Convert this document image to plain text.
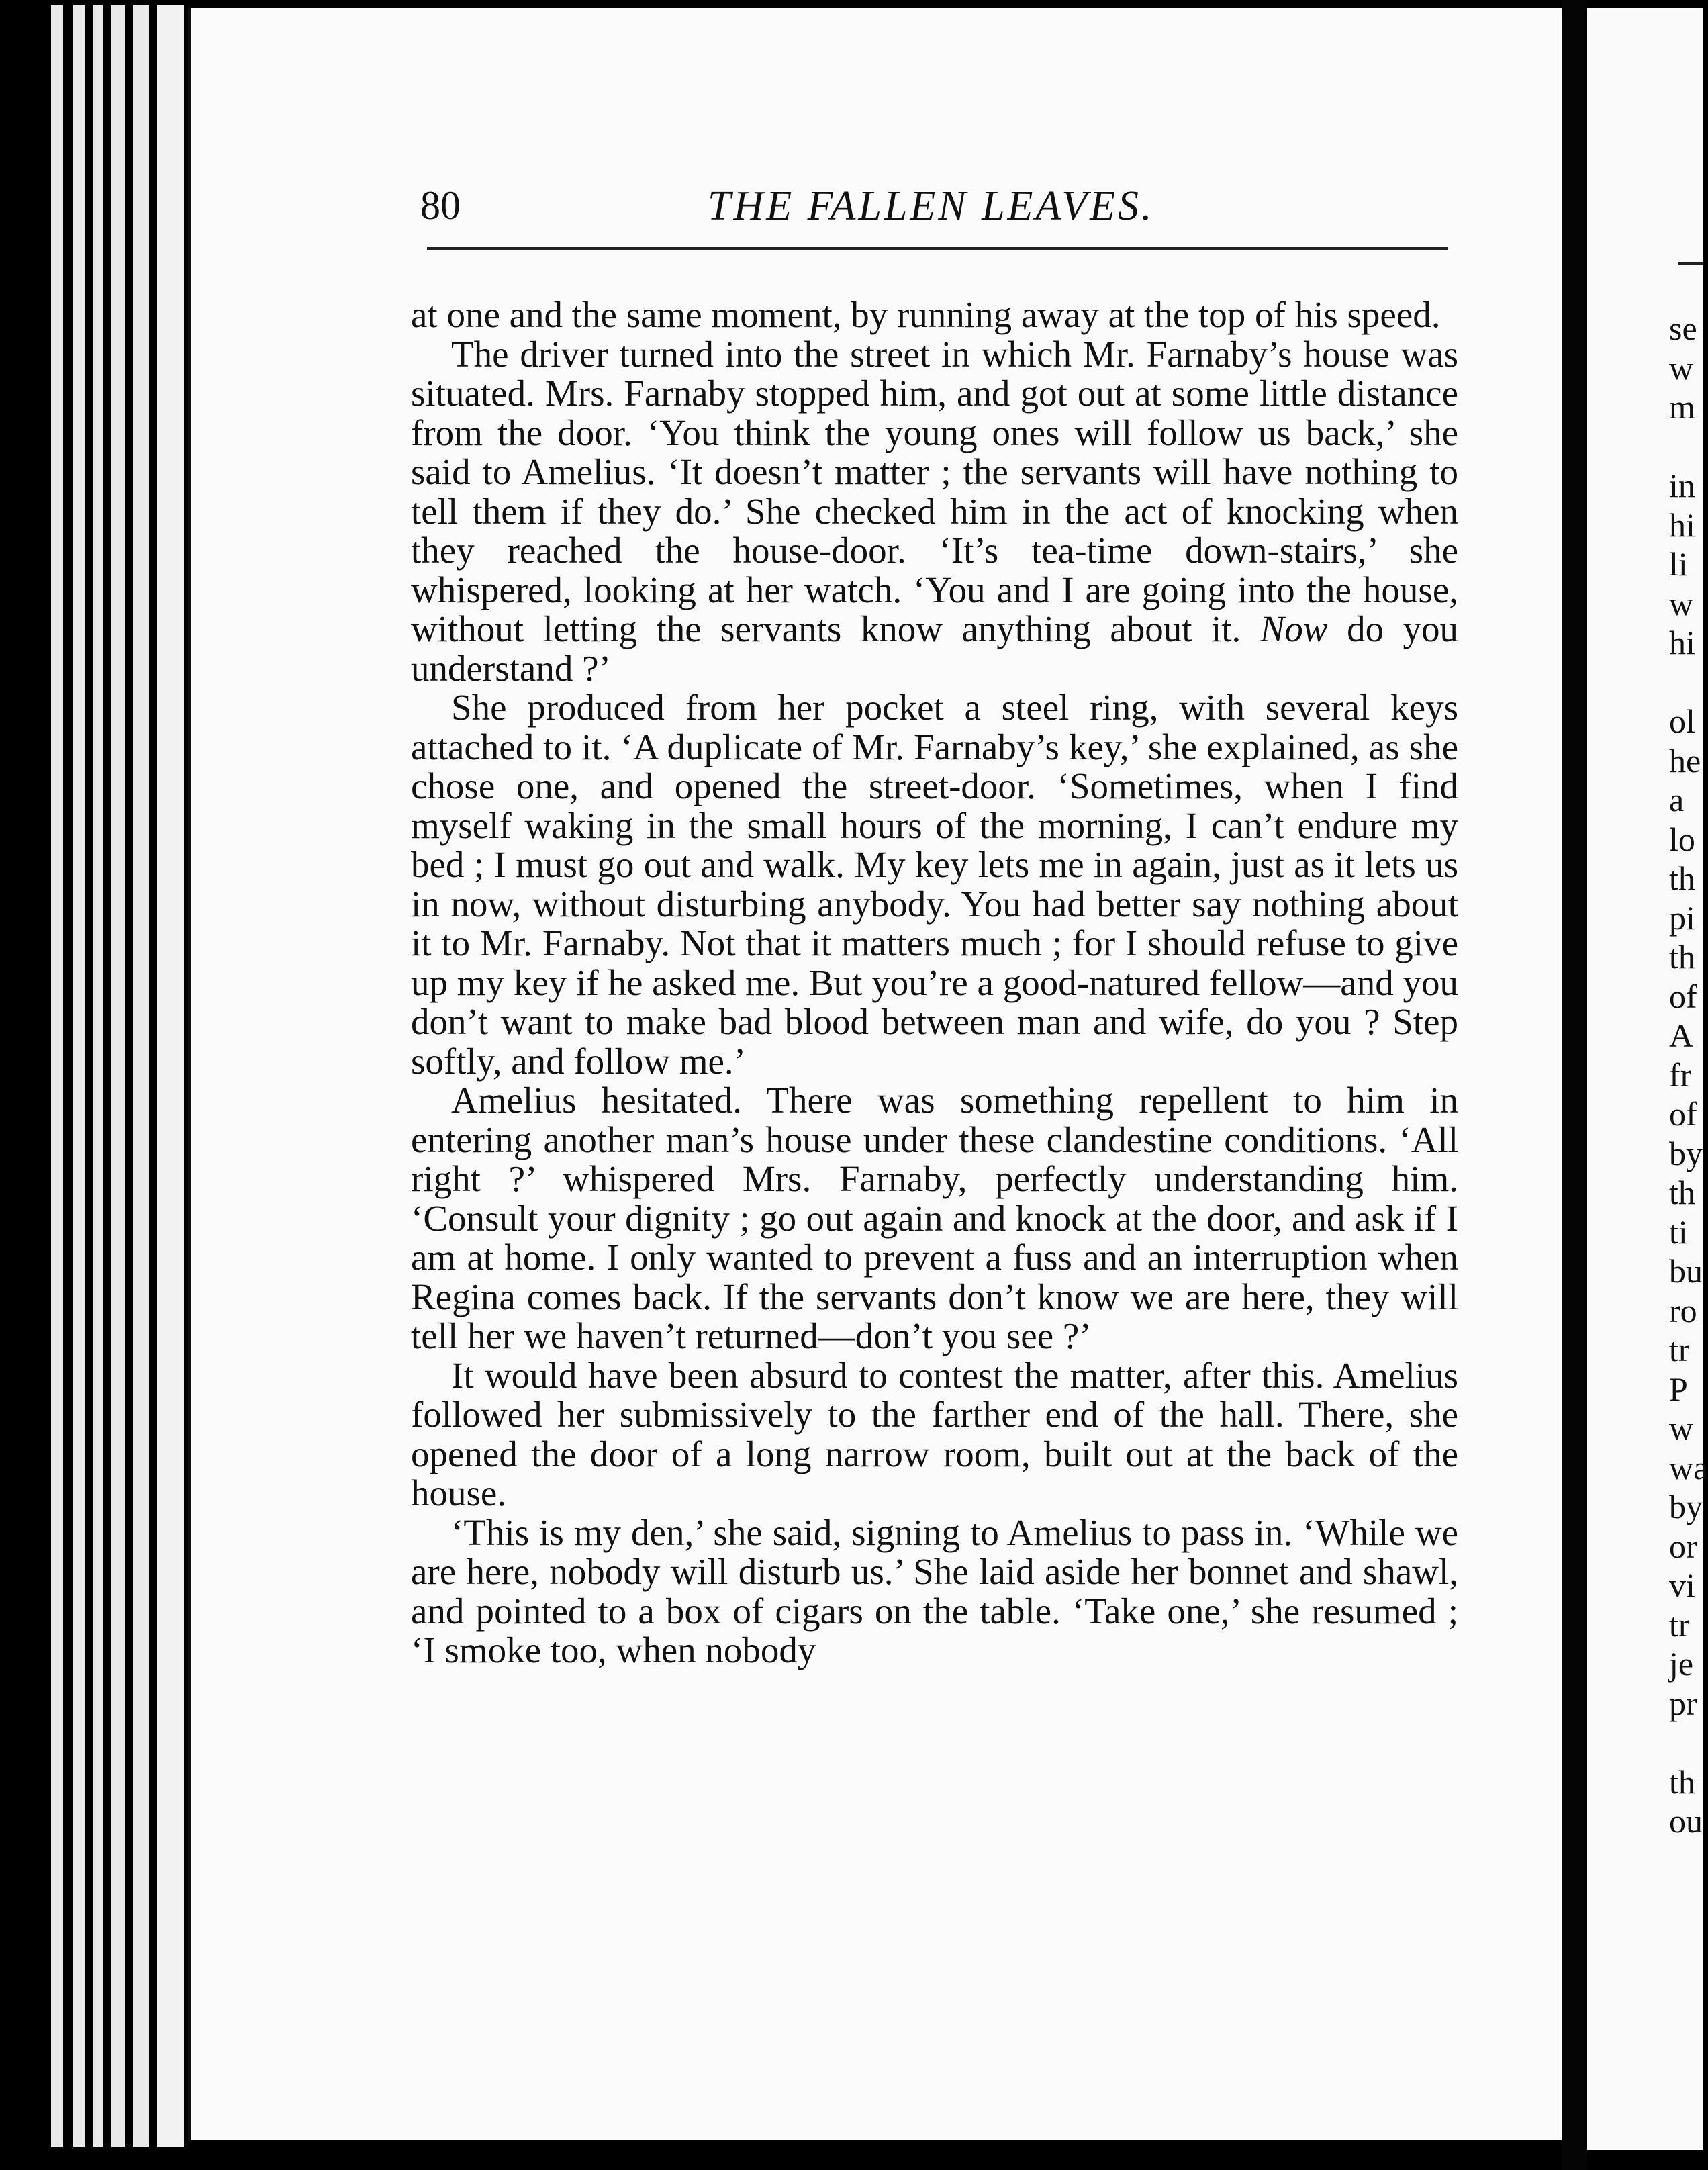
80	THE FALLEN LEAVES.

at one and the same moment, by running away at the top of his speed.

The driver turned into the street in which Mr. Farnaby’s house was situated. Mrs. Farnaby stopped him, and got out at some little distance from the door. ‘You think the young ones will follow us back,’ she said to Amelius. ‘It doesn’t matter ; the servants will have nothing to tell them if they do.’ She checked him in the act of knocking when they reached the house-door. ‘It’s tea-time down-stairs,’ she whispered, looking at her watch. ‘You and I are going into the house, without letting the servants know anything about it. Now do you understand ?’

She produced from her pocket a steel ring, with several keys attached to it. ‘A duplicate of Mr. Farnaby’s key,’ she explained, as she chose one, and opened the street-door. ‘Sometimes, when I find myself waking in the small hours of the morning, I can’t endure my bed ; I must go out and walk. My key lets me in again, just as it lets us in now, without disturbing anybody. You had better say nothing about it to Mr. Farnaby. Not that it matters much ; for I should refuse to give up my key if he asked me. But you’re a good-natured fellow—and you don’t want to make bad blood between man and wife, do you ? Step softly, and follow me.’

Amelius hesitated. There was something repellent to him in entering another man’s house under these clandestine conditions. ‘All right ?’ whispered Mrs. Farnaby, perfectly understanding him. ‘Consult your dignity ; go out again and knock at the door, and ask if I am at home. I only wanted to prevent a fuss and an interruption when Regina comes back. If the servants don’t know we are here, they will tell her we haven’t returned—don’t you see ?’

It would have been absurd to contest the matter, after this. Amelius followed her submissively to the farther end of the hall. There, she opened the door of a long narrow room, built out at the back of the house.

‘This is my den,’ she said, signing to Amelius to pass in. ‘While we are here, nobody will disturb us.’ She laid aside her bonnet and shawl, and pointed to a box of cigars on the table. ‘Take one,’ she resumed ; ‘I smoke too, when nobody

se
w
m
in
hi
li
w
hi
ol
he
a
lo
th
pi
th
of
A
fr
of
by
th
ti
bu
ro
tr
P
w
wa
by
or
vi
tr
je
pr
th
ou
